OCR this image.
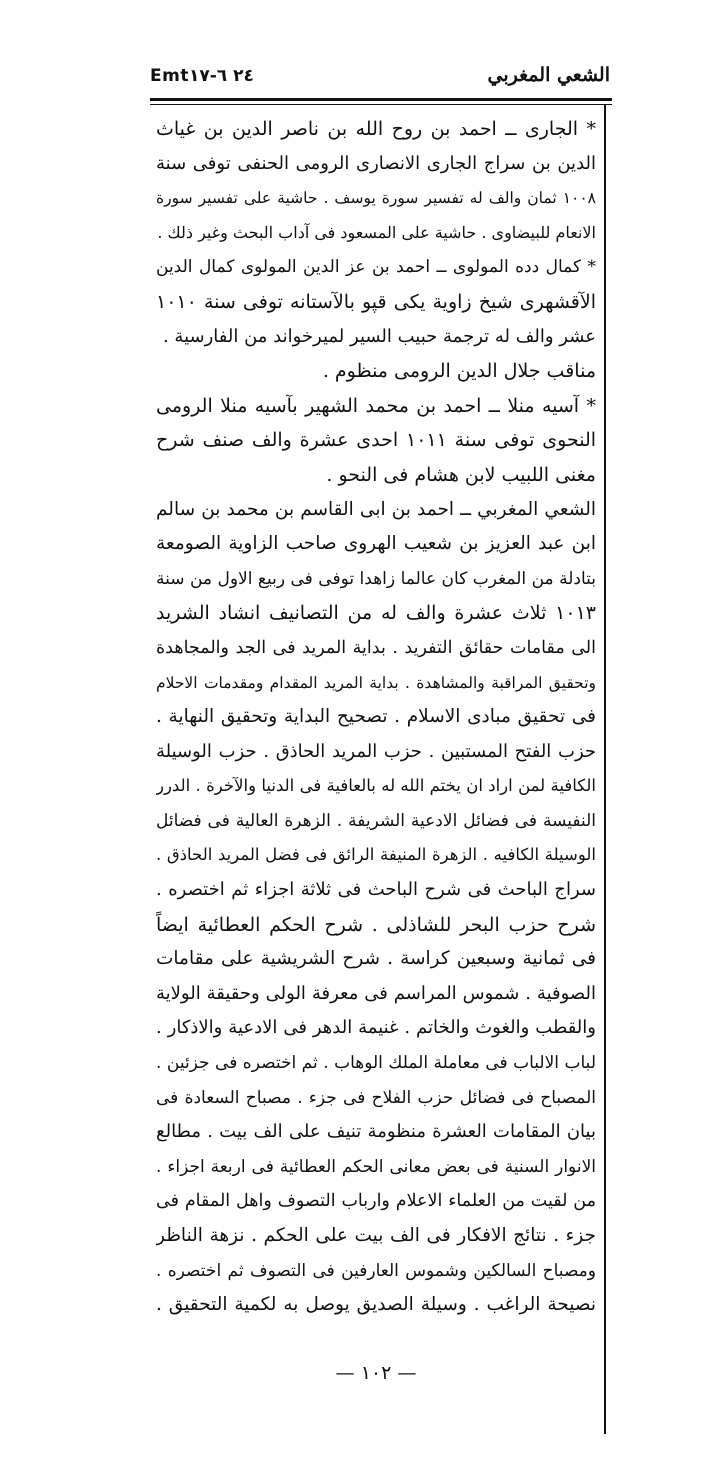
Emt٢٤ ٦-١٧	الشعي المغربي
* الجارى ــ احمد بن روح الله بن ناصر الدين بن غياث
الدين بن سراج الجارى الانصارى الرومى الحنفى توفى سنة
١٠٠٨ ثمان والف له تفسير سورة يوسف . حاشية على تفسير سورة
الانعام للبيضاوى . حاشية على المسعود فى آداب البحث وغير ذلك .
* كمال دده المولوى ــ احمد بن عز الدين المولوى كمال الدين
الآقشهرى شيخ زاوية يكى قپو بالآستانه توفى سنة ١٠١٠
عشر والف له ترجمة حبيب السير لميرخواند من الفارسية .
مناقب جلال الدين الرومى منظوم .
* آسيه منلا ــ احمد بن محمد الشهير بآسيه منلا الرومى
النحوى توفى سنة ١٠١١ احدى عشرة والف صنف شرح
مغنى اللبيب لابن هشام فى النحو .
الشعي المغربي ــ احمد بن ابى القاسم بن محمد بن سالم
ابن عبد العزيز بن شعيب الهروى صاحب الزاوية الصومعة
بتادلة من المغرب كان عالما زاهدا توفى فى ربيع الاول من سنة
١٠١٣ ثلاث عشرة والف له من التصانيف انشاد الشريد
الى مقامات حقائق التفريد . بداية المريد فى الجد والمجاهدة
وتحقيق المراقبة والمشاهدة . بداية المريد المقدام ومقدمات الاحلام
فى تحقيق مبادى الاسلام . تصحيح البداية وتحقيق النهاية .
حزب الفتح المستبين . حزب المريد الحاذق . حزب الوسيلة
الكافية لمن اراد ان يختم الله له بالعافية فى الدنيا والآخرة . الدرر
النفيسة فى فضائل الادعية الشريفة . الزهرة العالية فى فضائل
الوسيلة الكافيه . الزهرة المنيفة الرائق فى فضل المريد الحاذق .
سراج الباحث فى شرح الباحث فى ثلاثة اجزاء ثم اختصره .
شرح حزب البحر للشاذلى . شرح الحكم العطائية ايضاً
فى ثمانية وسبعين كراسة . شرح الشريشية على مقامات
الصوفية . شموس المراسم فى معرفة الولى وحقيقة الولاية
والقطب والغوث والخاتم . غنيمة الدهر فى الادعية والاذكار .
لباب الالباب فى معاملة الملك الوهاب . ثم اختصره فى جزئين .
المصباح فى فضائل حزب الفلاح فى جزء . مصباح السعادة فى
بيان المقامات العشرة منظومة تنيف على الف بيت . مطالع
الانوار السنية فى بعض معانى الحكم العطائية فى اربعة اجزاء .
من لقيت من العلماء الاعلام وارباب التصوف واهل المقام فى
جزء . نتائج الافكار فى الف بيت على الحكم . نزهة الناظر
ومصباح السالكين وشموس العارفين فى التصوف ثم اختصره .
نصيحة الراغب . وسيلة الصديق يوصل به لكمية التحقيق .
— ١٠٢ —
